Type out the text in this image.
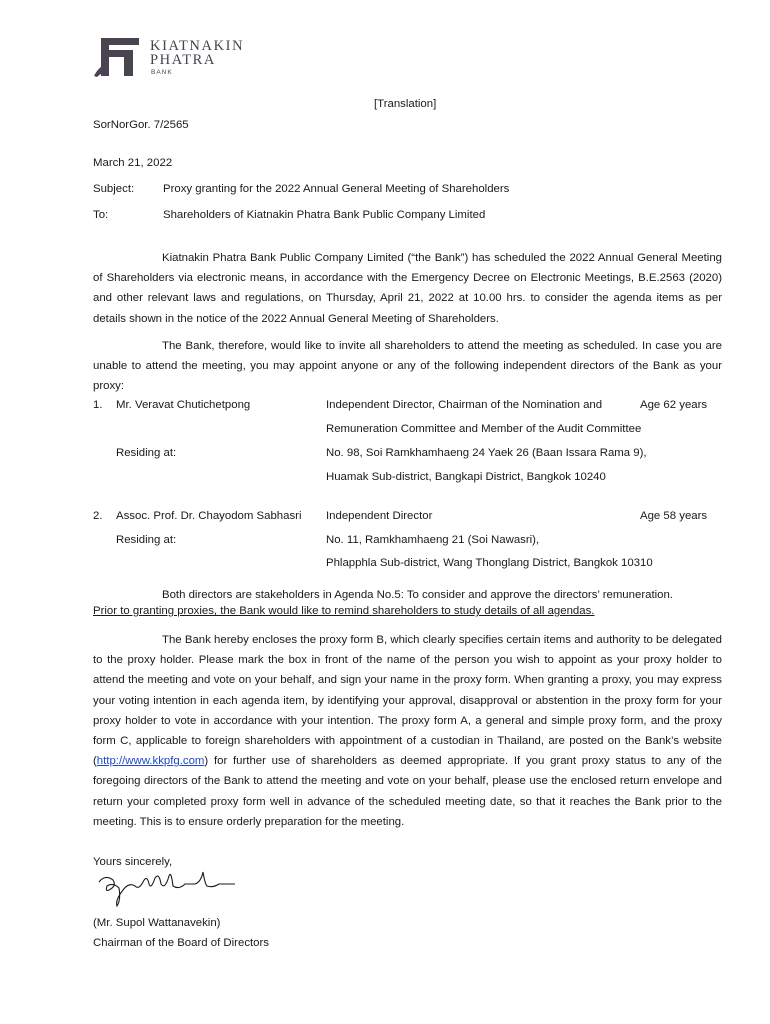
KIATNAKIN
PHATRA
BANK
[Translation]
SorNorGor. 7/2565
March 21, 2022
Subject:	Proxy granting for the 2022 Annual General Meeting of Shareholders
To:	Shareholders of Kiatnakin Phatra Bank Public Company Limited
Kiatnakin Phatra Bank Public Company Limited (“the Bank”) has scheduled the 2022 Annual General Meeting of Shareholders via electronic means, in accordance with the Emergency Decree on Electronic Meetings, B.E.2563 (2020) and other relevant laws and regulations, on Thursday, April 21, 2022 at 10.00 hrs. to consider the agenda items as per details shown in the notice of the 2022 Annual General Meeting of Shareholders.
The Bank, therefore, would like to invite all shareholders to attend the meeting as scheduled. In case you are unable to attend the meeting, you may appoint anyone or any of the following independent directors of the Bank as your proxy:
1. Mr. Veravat Chutichetpong	Independent Director, Chairman of the Nomination and	Age 62 years
Remuneration Committee and Member of the Audit Committee
Residing at:	No. 98, Soi Ramkhamhaeng 24 Yaek 26 (Baan Issara Rama 9),
Huamak Sub-district, Bangkapi District, Bangkok 10240
2. Assoc. Prof. Dr. Chayodom Sabhasri Independent Director	Age 58 years
Residing at:	No. 11, Ramkhamhaeng 21 (Soi Nawasri),
Phlapphla Sub-district, Wang Thonglang District, Bangkok 10310
Both directors are stakeholders in Agenda No.5: To consider and approve the directors’ remuneration.
Prior to granting proxies, the Bank would like to remind shareholders to study details of all agendas.
The Bank hereby encloses the proxy form B, which clearly specifies certain items and authority to be delegated to the proxy holder. Please mark the box in front of the name of the person you wish to appoint as your proxy holder to attend the meeting and vote on your behalf, and sign your name in the proxy form. When granting a proxy, you may express your voting intention in each agenda item, by identifying your approval, disapproval or abstention in the proxy form for your proxy holder to vote in accordance with your intention. The proxy form A, a general and simple proxy form, and the proxy form C, applicable to foreign shareholders with appointment of a custodian in Thailand, are posted on the Bank’s website (http://www.kkpfg.com) for further use of shareholders as deemed appropriate. If you grant proxy status to any of the foregoing directors of the Bank to attend the meeting and vote on your behalf, please use the enclosed return envelope and return your completed proxy form well in advance of the scheduled meeting date, so that it reaches the Bank prior to the meeting. This is to ensure orderly preparation for the meeting.
Yours sincerely,
(Mr. Supol Wattanavekin)
Chairman of the Board of Directors
